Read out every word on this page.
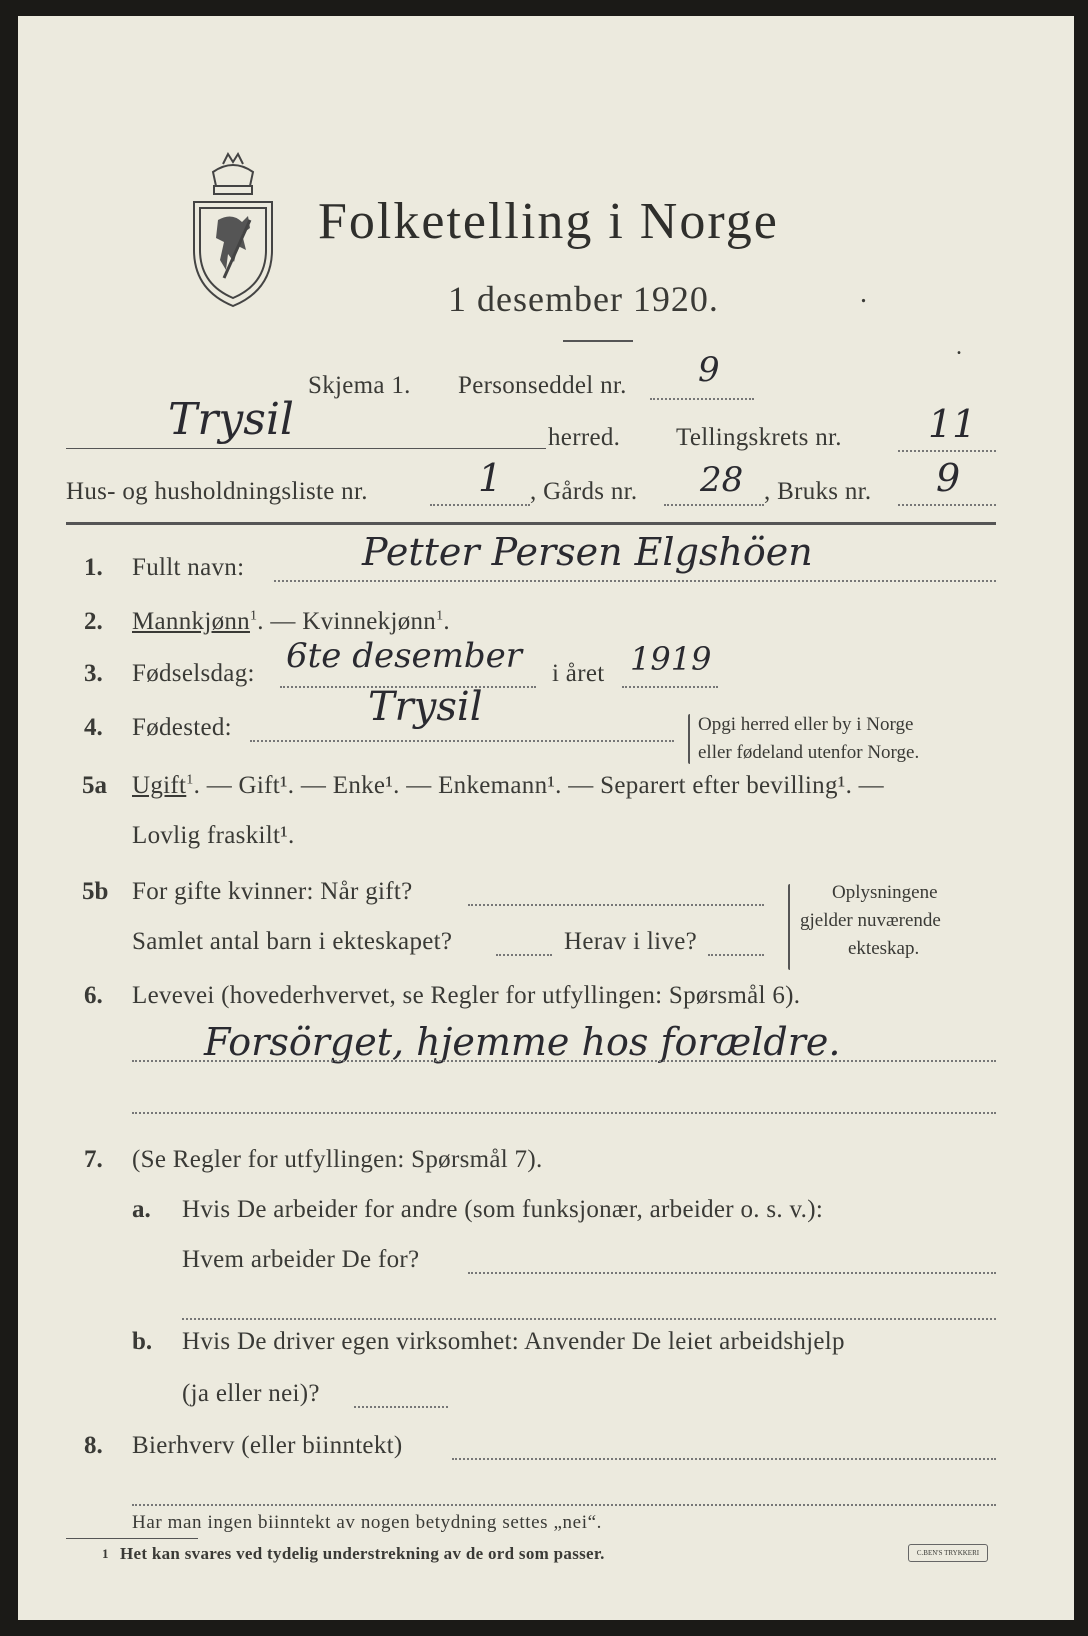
Folketelling i Norge
1 desember 1920.	.
.
Skjema 1. Personseddel nr. 9
Trysil	herred. Tellingskrets nr. 11
Hus- og husholdningsliste nr.	1 , Gårds nr. 28 , Bruks nr. 9
1. Fullt navn:	Petter Persen Elgshöen
2. Mannkjønn$^1$. — Kvinnekjønn$^1$.
3. Fødselsdag: 6te desember i året 1919
4. Fødested:	Trysil	Opgi herred eller by i Norge
eller fødeland utenfor Norge.
5a Ugift$^1$. — Gift¹. — Enke¹. — Enkemann¹. — Separert efter bevilling¹. —
Lovlig fraskilt¹.
5b For gifte kvinner: Når gift?
Samlet antal barn i ekteskapet?	Herav i live?
Oplysningene
gjelder nuværende
ekteskap.
6. Levevei (hovederhvervet, se Regler for utfyllingen: Spørsmål 6).
Forsörget, hjemme hos forældre.
7. (Se Regler for utfyllingen: Spørsmål 7).
a. Hvis De arbeider for andre (som funksjonær, arbeider o. s. v.):
Hvem arbeider De for?
b. Hvis De driver egen virksomhet: Anvender De leiet arbeidshjelp
(ja eller nei)?
8. Bierhverv (eller biinntekt)
Har man ingen biinntekt av nogen betydning settes „nei“.
1 Het kan svares ved tydelig understrekning av de ord som passer.	C.BEN'S TRYKKERI
